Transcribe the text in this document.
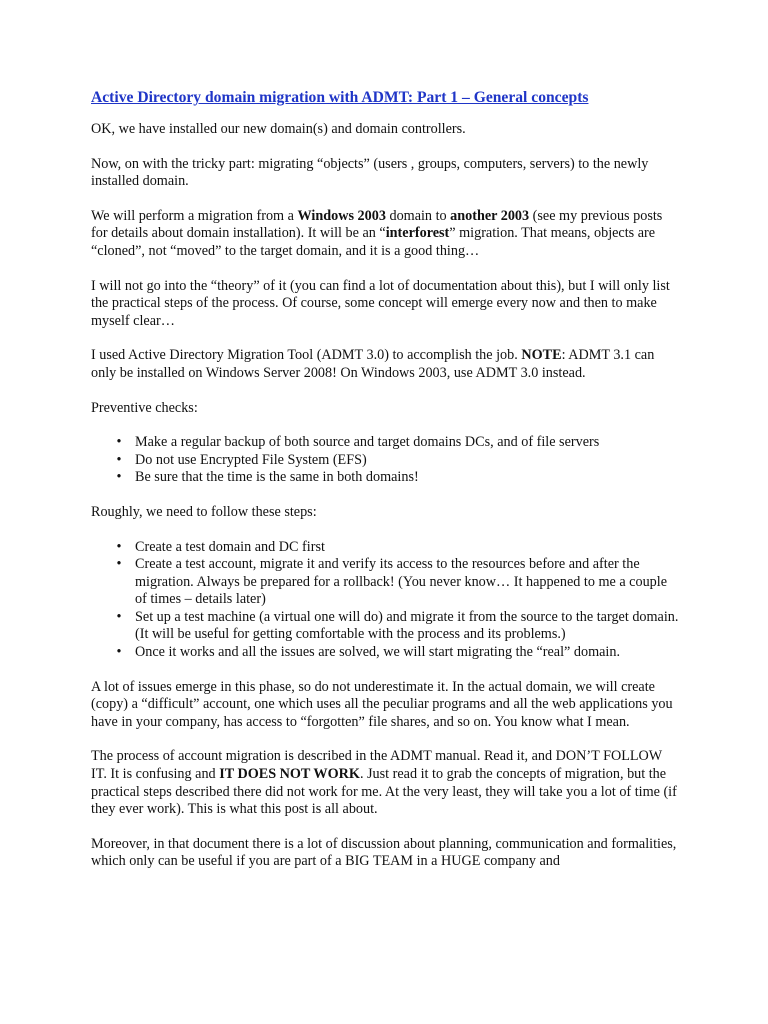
Active Directory domain migration with ADMT: Part 1 – General concepts

OK, we have installed our new domain(s) and domain controllers.

Now, on with the tricky part: migrating “objects” (users , groups, computers, servers) to the newly installed domain.

We will perform a migration from a Windows 2003 domain to another 2003 (see my previous posts for details about domain installation). It will be an “interforest” migration. That means, objects are “cloned”, not “moved” to the target domain, and it is a good thing…

I will not go into the “theory” of it (you can find a lot of documentation about this), but I will only list the practical steps of the process. Of course, some concept will emerge every now and then to make myself clear…

I used Active Directory Migration Tool (ADMT 3.0) to accomplish the job. NOTE: ADMT 3.1 can only be installed on Windows Server 2008! On Windows 2003, use ADMT 3.0 instead.

Preventive checks:

• Make a regular backup of both source and target domains DCs, and of file servers
• Do not use Encrypted File System (EFS)
• Be sure that the time is the same in both domains!

Roughly, we need to follow these steps:

• Create a test domain and DC first
• Create a test account, migrate it and verify its access to the resources before and after the migration. Always be prepared for a rollback! (You never know… It happened to me a couple of times – details later)
• Set up a test machine (a virtual one will do) and migrate it from the source to the target domain. (It will be useful for getting comfortable with the process and its problems.)
• Once it works and all the issues are solved, we will start migrating the “real” domain.

A lot of issues emerge in this phase, so do not underestimate it. In the actual domain, we will create (copy) a “difficult” account, one which uses all the peculiar programs and all the web applications you have in your company, has access to “forgotten” file shares, and so on. You know what I mean.

The process of account migration is described in the ADMT manual. Read it, and DON’T FOLLOW IT. It is confusing and IT DOES NOT WORK. Just read it to grab the concepts of migration, but the practical steps described there did not work for me. At the very least, they will take you a lot of time (if they ever work). This is what this post is all about.

Moreover, in that document there is a lot of discussion about planning, communication and formalities, which only can be useful if you are part of a BIG TEAM in a HUGE company and
